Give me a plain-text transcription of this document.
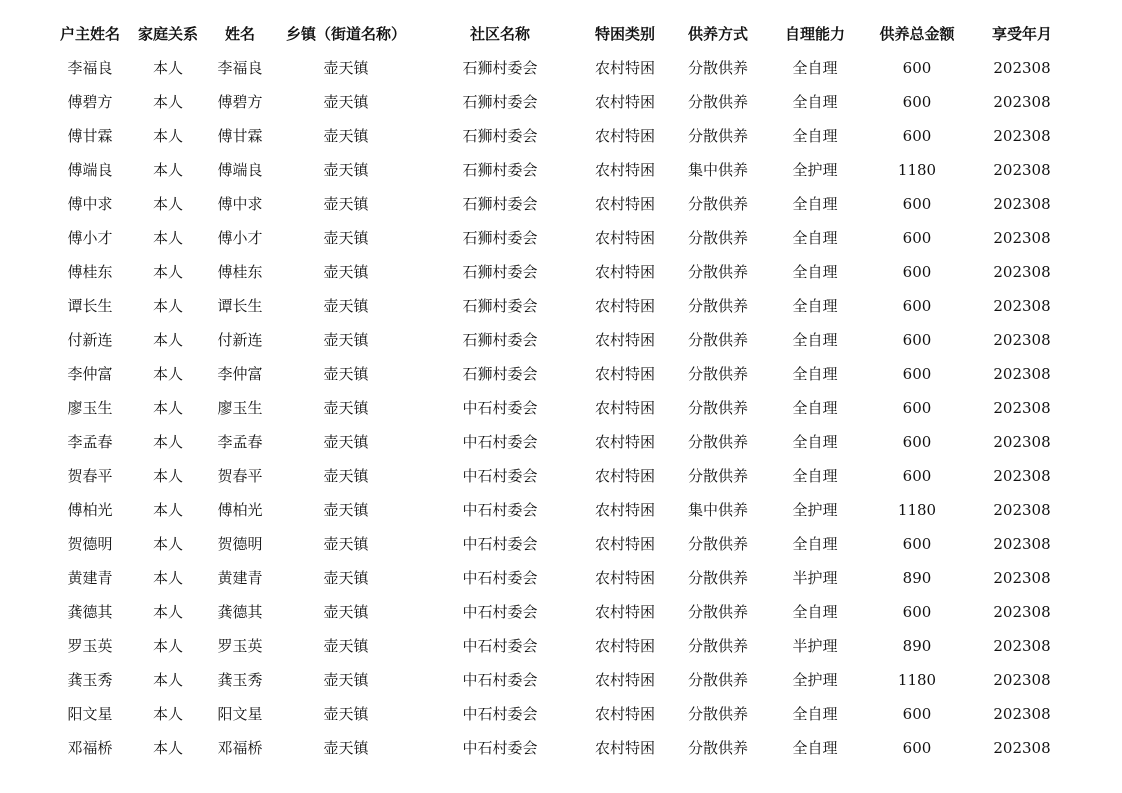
户主姓名	家庭关系	姓名	乡镇（街道名称）	社区名称	特困类别	供养方式	自理能力	供养总金额	享受年月
李福良	本人	李福良	壶天镇	石狮村委会	农村特困	分散供养	全自理	600	202308
傅碧方	本人	傅碧方	壶天镇	石狮村委会	农村特困	分散供养	全自理	600	202308
傅甘霖	本人	傅甘霖	壶天镇	石狮村委会	农村特困	分散供养	全自理	600	202308
傅端良	本人	傅端良	壶天镇	石狮村委会	农村特困	集中供养	全护理	1180	202308
傅中求	本人	傅中求	壶天镇	石狮村委会	农村特困	分散供养	全自理	600	202308
傅小才	本人	傅小才	壶天镇	石狮村委会	农村特困	分散供养	全自理	600	202308
傅桂东	本人	傅桂东	壶天镇	石狮村委会	农村特困	分散供养	全自理	600	202308
谭长生	本人	谭长生	壶天镇	石狮村委会	农村特困	分散供养	全自理	600	202308
付新连	本人	付新连	壶天镇	石狮村委会	农村特困	分散供养	全自理	600	202308
李仲富	本人	李仲富	壶天镇	石狮村委会	农村特困	分散供养	全自理	600	202308
廖玉生	本人	廖玉生	壶天镇	中石村委会	农村特困	分散供养	全自理	600	202308
李孟春	本人	李孟春	壶天镇	中石村委会	农村特困	分散供养	全自理	600	202308
贺春平	本人	贺春平	壶天镇	中石村委会	农村特困	分散供养	全自理	600	202308
傅柏光	本人	傅柏光	壶天镇	中石村委会	农村特困	集中供养	全护理	1180	202308
贺德明	本人	贺德明	壶天镇	中石村委会	农村特困	分散供养	全自理	600	202308
黄建青	本人	黄建青	壶天镇	中石村委会	农村特困	分散供养	半护理	890	202308
龚德其	本人	龚德其	壶天镇	中石村委会	农村特困	分散供养	全自理	600	202308
罗玉英	本人	罗玉英	壶天镇	中石村委会	农村特困	分散供养	半护理	890	202308
龚玉秀	本人	龚玉秀	壶天镇	中石村委会	农村特困	分散供养	全护理	1180	202308
阳文星	本人	阳文星	壶天镇	中石村委会	农村特困	分散供养	全自理	600	202308
邓福桥	本人	邓福桥	壶天镇	中石村委会	农村特困	分散供养	全自理	600	202308
